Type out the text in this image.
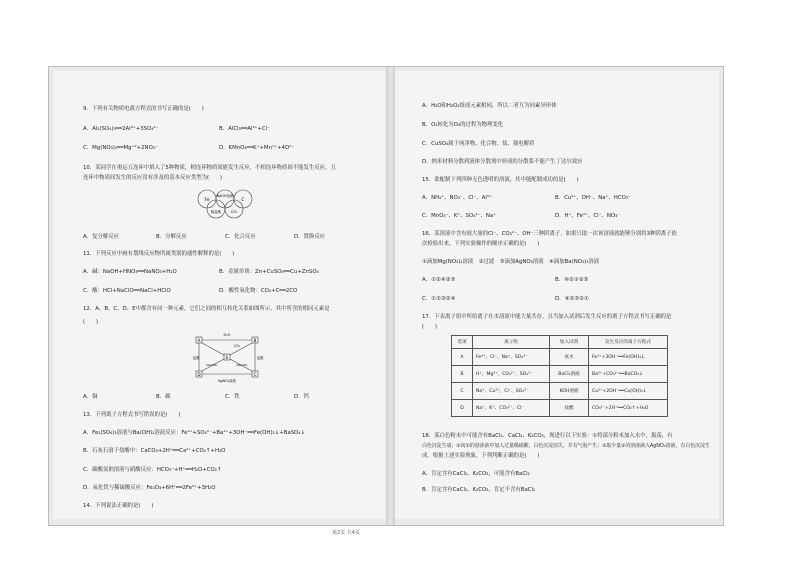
9．下列有关物质电离方程式的书写正确的是(　　)
A．Al₂(SO₄)₃══2Al³⁺+3SO₄²⁻	B．AlCl₃══Al³⁺+Cl⁻
C．Mg(NO₃)₂══Mg⁺²+2NO₃⁻	D．KMnO₄══K⁺+Mn⁷⁺+4O²⁻
10．某同学在奥运五连环中填入了5种物质，相连环物质间能发生反应，不相连环物质间不能发生反应，五
连环中物质间发生的反应没有涉及的基本反应类型为(　　)
Fe
NaOH溶液
C
稀盐酸	CO₂
A．复分解反应	B．分解反应	C．化合反应	D．置换反应
11．下列反应中画有划线反应物所属类别的通性解释的是(　　)
A．碱：NaOH+HNO₃══NaNO₃+H₂O	B．金属单质：Zn+CuSO₄══Cu+ZnSO₄
C．酸：HCl+NaClO══NaCl+HClO	D．酸性氧化物：CO₂+C══2CO
12．A、B、C、D、E中都含有同一种元素，它们之间的相互转化关系如图所示，其中所含的相同元素是
(　　)
A	B
C
D
E
H₂O
CO₂
盐酸	盐酸
Na₂CO₃	Na₂CO₃
AgNO₃溶液
A．铜	B．碳	C．铁	D．钙
13．下列离子方程式书写错误的是(　　)
A．Fe₂(SO₄)₃溶液与Ba(OH)₂溶液反应：Fe³⁺+SO₄²⁻+Ba²⁺+3OH⁻══Fe(OH)₃↓+BaSO₄↓
B．石灰石溶于盐酸中：CaCO₃+2H⁺══Ca²⁺+CO₂↑+H₂O
C．碳酸氢钠溶液与硝酸反应：HCO₃⁻+H⁺══H₂O+CO₂↑
D．氧化铁与稀硫酸反应：Fe₂O₃+6H⁺══2Fe³⁺+3H₂O
14．下列说法正确的是(　　)
A．H₂O和H₂O₂组成元素相同，所以二者互为同素异形体
B．O₂转化为O₃的过程为物理变化
C．CuSO₄属于纯净物、化合物、盐、强电解质
D．纳米材料分散到液体分散剂中形成的分散系不能产生丁达尔效应
15．欲配制下列四种无色透明的溶液，其中能配制成功的是(　　)
A．NH₄⁺、NO₃⁻、Cl⁻、Al³⁺	B．Cu²⁺、OH⁻、Na⁺、HCO₃⁻
C．MnO₄⁻、K⁺、SO₄²⁻、Na⁺	D．H⁺、Fe²⁺、Cl⁻、NO₃⁻
16．某溶液中含有较大量的Cl⁻、CO₃²⁻、OH⁻三种阴离子，如果只取一次该溶液就能够分别将3种阴离子依
次检验出来，下列实验操作的顺序正确的是(　　)
①滴加Mg(NO₃)₂溶液　②过滤　③滴加AgNO₃溶液　④滴加Ba(NO₃)₂溶液
A．①②④②③	B．④②①②③
C．①②③②④	D．④②③②①
17．下表离子组中所给离子在水溶液中能大量共存，且当加入试剂后发生反应的离子方程式书写正确的是
(　　)
选项	离子组	加入试剂	发生反应的离子方程式
A	Fe³⁺、Cl⁻、Na⁺、SO₄²⁻	氨水	Fe³⁺+3OH⁻══Fe(OH)₃↓
B	H⁺、Mg²⁺、CO₃²⁻、SO₄²⁻	BaCl₂溶液	Ba²⁺+CO₃²⁻══BaCO₃↓
C	Na⁺、Cu²⁺、Cl⁻、SO₄²⁻	KOH溶液	Cu²⁺+2OH⁻══Cu(OH)₂↓
D	Na⁺、K⁺、CO₃²⁻、Cl⁻	盐酸	CO₃²⁻+2H⁺══CO₂↑+H₂O
18．某白色粉末中可能含有BaCl₂、CaCl₂、K₂CO₃，现进行以下实验：①将部分粉末加入水中，振荡，有
白色沉淀生成；②向①的悬浊液中加入过量稀硝酸，白色沉淀消失，并有气泡产生；③取少量②的溶液滴入AgNO₃溶液，有白色沉淀生
成。根据上述实验现象，下列判断正确的是(　　)
A．肯定含有CaCl₂、K₂CO₃，可能含有BaCl₂
B．肯定含有CaCl₂、K₂CO₃，肯定不含有BaCl₂
第2页 共4页
